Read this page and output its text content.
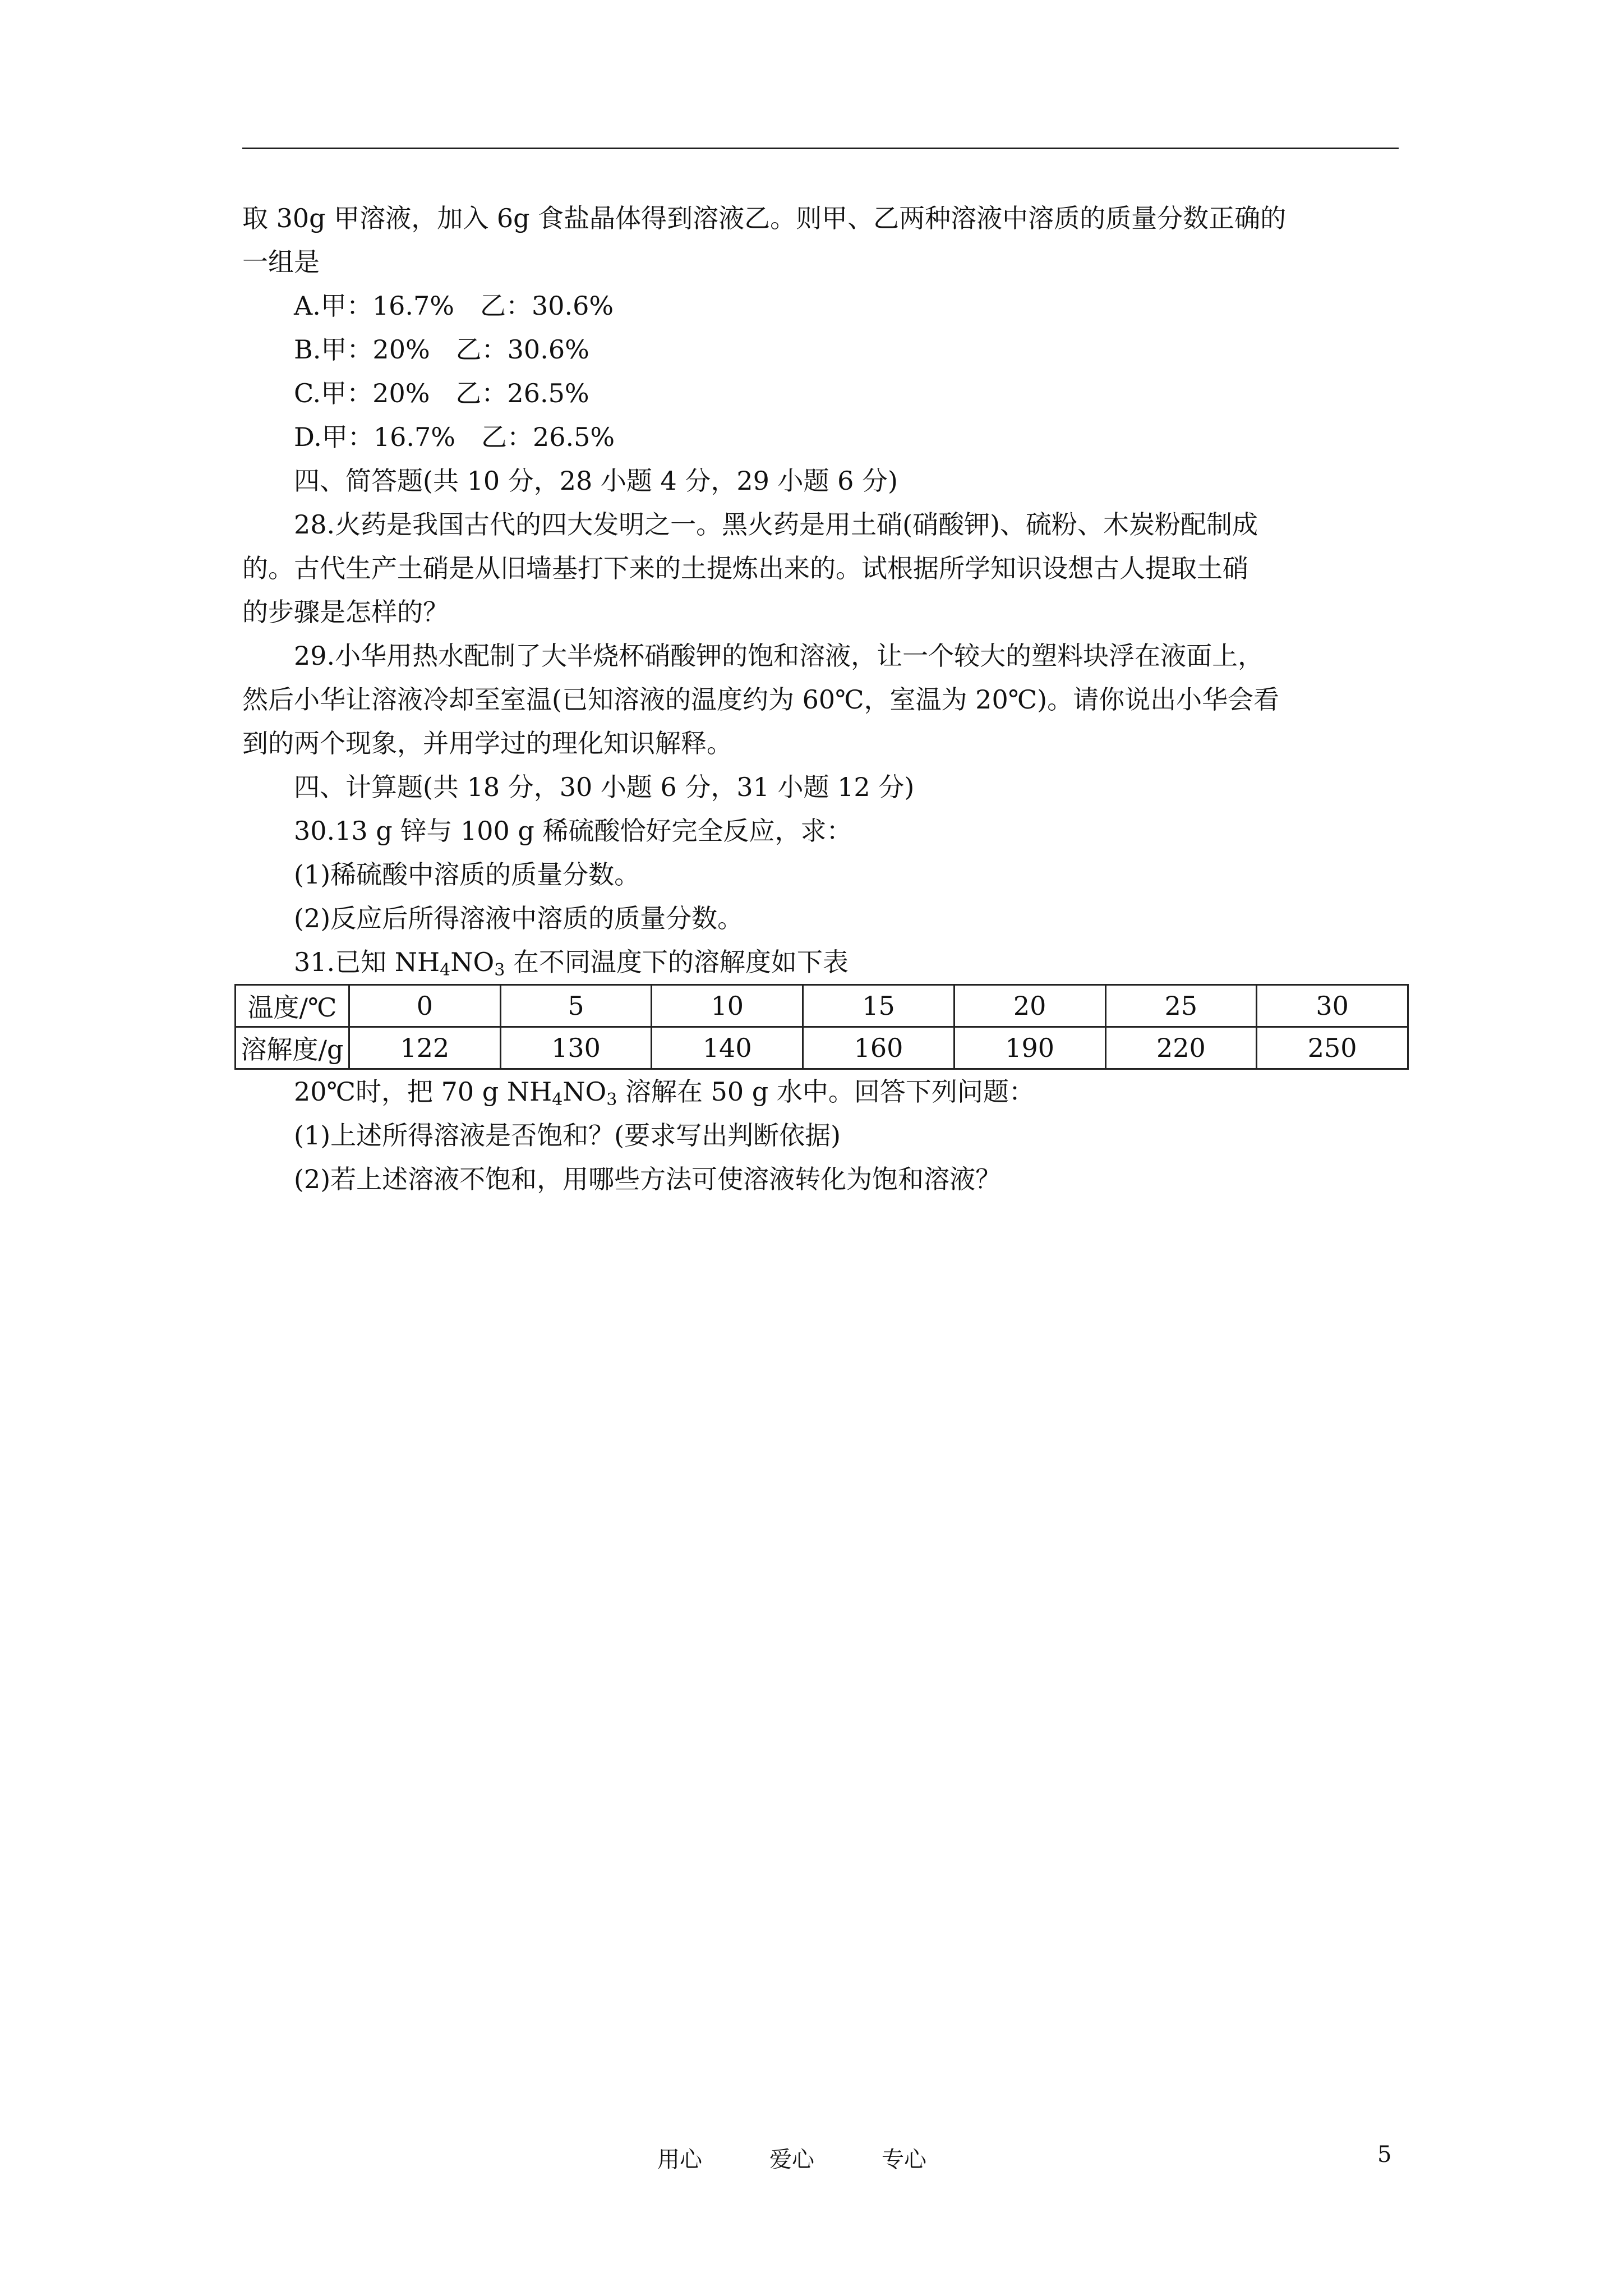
取 30g 甲溶液，加入 6g 食盐晶体得到溶液乙。则甲、乙两种溶液中溶质的质量分数正确的
一组是
A.甲：16.7%　乙：30.6%
B.甲：20%　乙：30.6%
C.甲：20%　乙：26.5%
D.甲：16.7%　乙：26.5%
四、简答题(共 10 分，28 小题 4 分，29 小题 6 分)
28.火药是我国古代的四大发明之一。黑火药是用土硝(硝酸钾)、硫粉、木炭粉配制成
的。古代生产土硝是从旧墙基打下来的土提炼出来的。试根据所学知识设想古人提取土硝
的步骤是怎样的？
29.小华用热水配制了大半烧杯硝酸钾的饱和溶液，让一个较大的塑料块浮在液面上，
然后小华让溶液冷却至室温(已知溶液的温度约为 60℃，室温为 20℃)。请你说出小华会看
到的两个现象，并用学过的理化知识解释。
四、计算题(共 18 分，30 小题 6 分，31 小题 12 分)
30.13 g 锌与 100 g 稀硫酸恰好完全反应，求：
(1)稀硫酸中溶质的质量分数。
(2)反应后所得溶液中溶质的质量分数。
31.已知 $NH_4NO_3$ 在不同温度下的溶解度如下表
温度/℃	0	5	10	15	20	25	30
溶解度/g	122	130	140	160	190	220	250
20℃时，把 70 g $NH_4NO_3$ 溶解在 50 g 水中。回答下列问题：
(1)上述所得溶液是否饱和？(要求写出判断依据)
(2)若上述溶液不饱和，用哪些方法可使溶液转化为饱和溶液？
用心	爱心	专心	5
